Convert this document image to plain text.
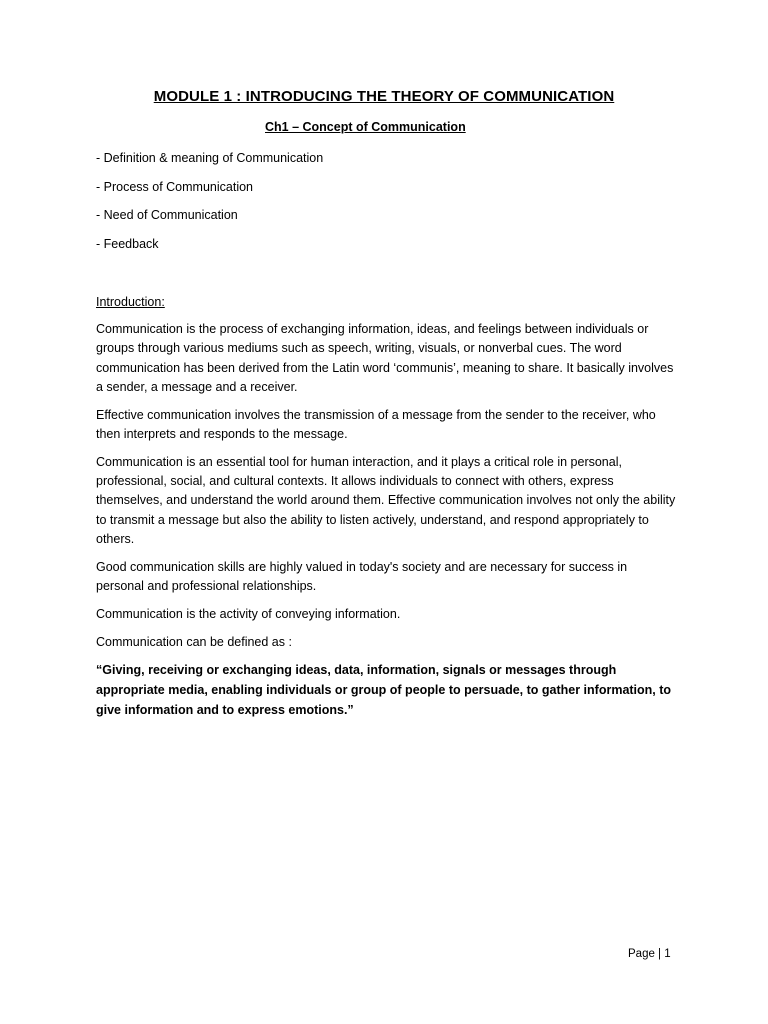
MODULE 1 : INTRODUCING THE THEORY OF COMMUNICATION
Ch1 – Concept of Communication
- Definition & meaning of Communication
- Process of Communication
- Need of Communication
- Feedback

Introduction:

Communication is the process of exchanging information, ideas, and feelings between individuals or groups through various mediums such as speech, writing, visuals, or nonverbal cues. The word communication has been derived from the Latin word ‘communis’, meaning to share. It basically involves a sender, a message and a receiver.

Effective communication involves the transmission of a message from the sender to the receiver, who then interprets and responds to the message.

Communication is an essential tool for human interaction, and it plays a critical role in personal, professional, social, and cultural contexts. It allows individuals to connect with others, express themselves, and understand the world around them. Effective communication involves not only the ability to transmit a message but also the ability to listen actively, understand, and respond appropriately to others.

Good communication skills are highly valued in today's society and are necessary for success in personal and professional relationships.

Communication is the activity of conveying information.

Communication can be defined as :

“Giving, receiving or exchanging ideas, data, information, signals or messages through appropriate media, enabling individuals or group of people to persuade, to gather information, to give information and to express emotions.”

Page | 1
